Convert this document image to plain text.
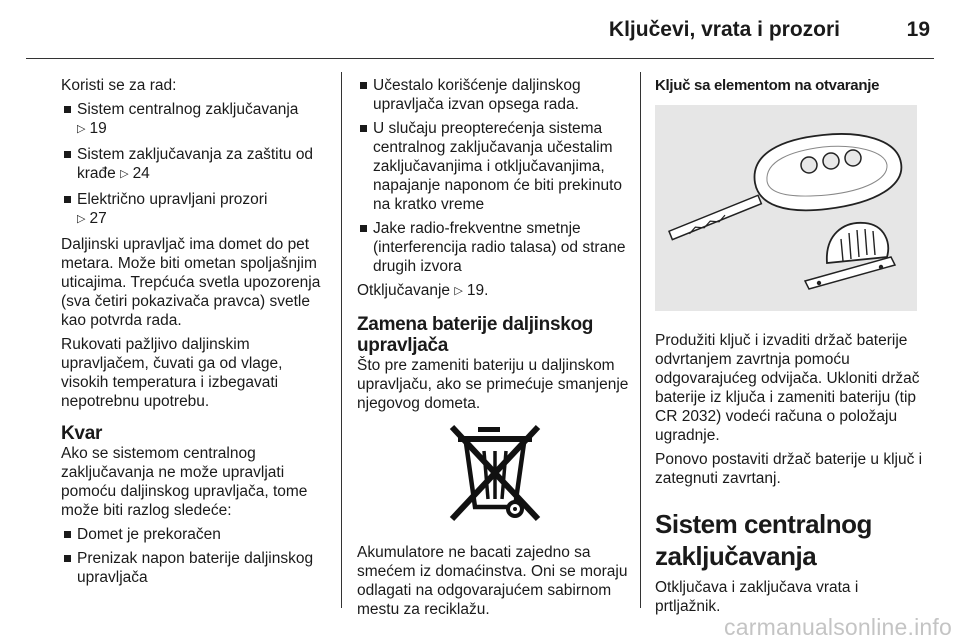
Ključevi, vrata i prozori	19

Koristi se za rad:

Sistem centralnog zaključavanja
▷ 19
Sistem zaključavanja za zaštitu od krađe ▷ 24
Električno upravljani prozori
▷ 27

Daljinski upravljač ima domet do pet metara. Može biti ometan spoljašnjim uticajima. Trepćuća svetla upozorenja (sva četiri pokazivača pravca) svetle kao potvrda rada.

Rukovati pažljivo daljinskim upravljačem, čuvati ga od vlage, visokih temperatura i izbegavati nepotrebnu upotrebu.

Kvar

Ako se sistemom centralnog zaključavanja ne može upravljati pomoću daljinskog upravljača, tome može biti razlog sledeće:

Domet je prekoračen
Prenizak napon baterije daljinskog upravljača
Učestalo korišćenje daljinskog upravljača izvan opsega rada.
U slučaju preopterećenja sistema centralnog zaključavanja učestalim zaključavanjima i otključavanjima, napajanje naponom će biti prekinuto na kratko vreme
Jake radio-frekventne smetnje (interferencija radio talasa) od strane drugih izvora

Otključavanje ▷ 19.

Zamena baterije daljinskog upravljača

Što pre zameniti bateriju u daljinskom upravljaču, ako se primećuje smanjenje njegovog dometa.

Akumulatore ne bacati zajedno sa smećem iz domaćinstva. Oni se moraju odlagati na odgovarajućem sabirnom mestu za reciklažu.

Ključ sa elementom na otvaranje

Produžiti ključ i izvaditi držač baterije odvrtanjem zavrtnja pomoću odgovarajućeg odvijača. Ukloniti držač baterije iz ključa i zameniti bateriju (tip CR 2032) vodeći računa o položaju ugradnje.

Ponovo postaviti držač baterije u ključ i zategnuti zavrtanj.

Sistem centralnog zaključavanja

Otključava i zaključava vrata i prtljažnik.

carmanualsonline.info
